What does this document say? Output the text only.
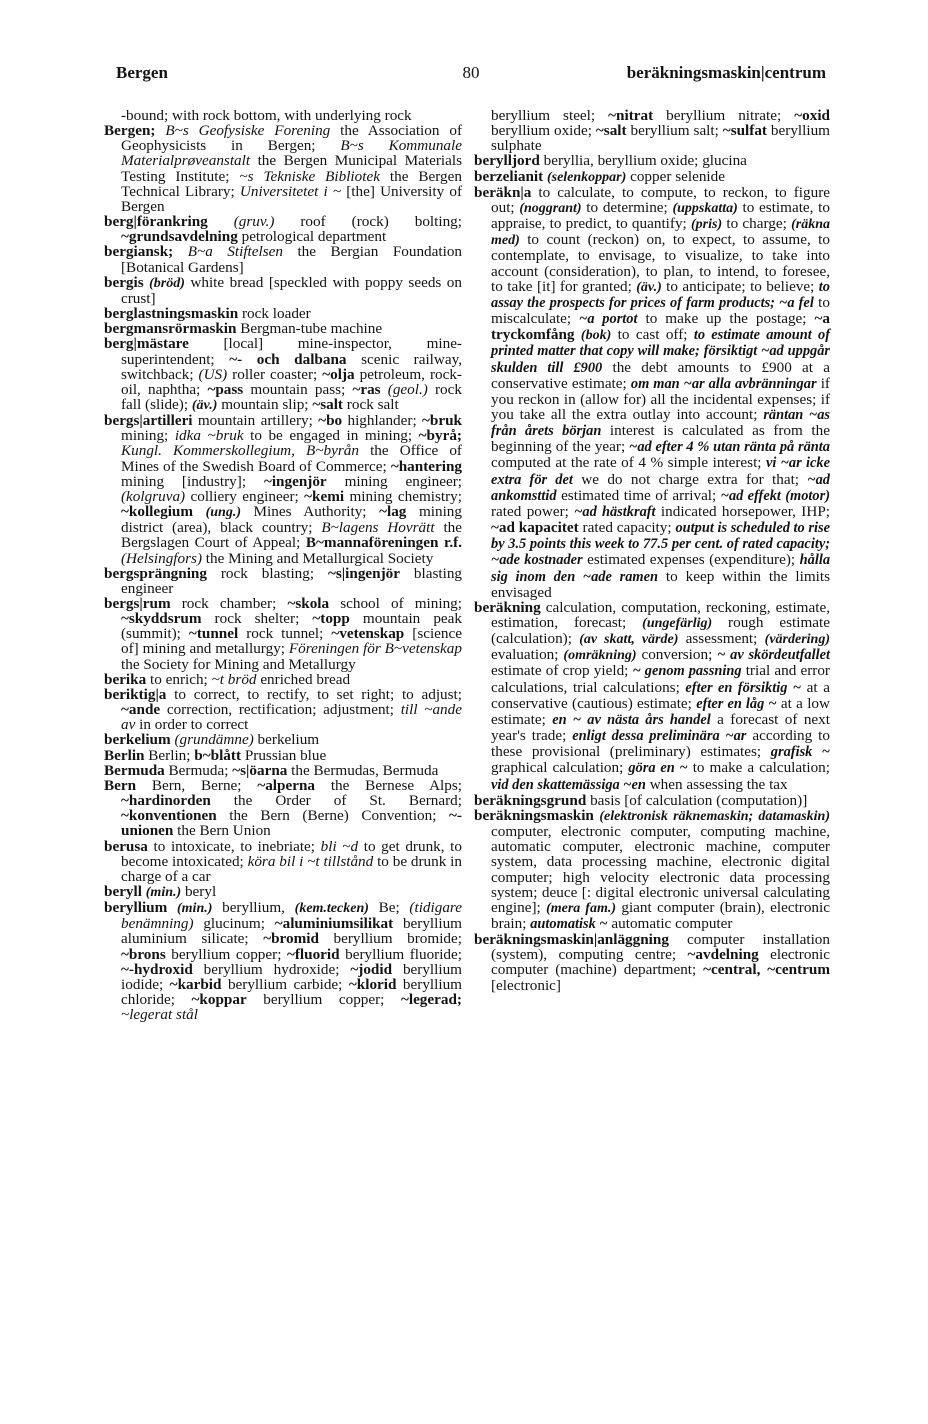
Bergen	80	beräkningsmaskin|centrum

-bound; with rock bottom, with underlying rock

Bergen; B~s Geofysiske Forening the Association of Geophysicists in Bergen; B~s Kommunale Materialprøveanstalt the Bergen Municipal Materials Testing Institute; ~s Tekniske Bibliotek the Bergen Technical Library; Universitetet i ~ [the] University of Bergen

berg|förankring (gruv.) roof (rock) bolting; ~grundsavdelning petrological department

bergiansk; B~a Stiftelsen the Bergian Foundation [Botanical Gardens]

bergis (bröd) white bread [speckled with poppy seeds on crust]

berglastningsmaskin rock loader

bergmansrörmaskin Bergman-tube machine

berg|mästare [local] mine-inspector, mine-superintendent; ~- och dalbana scenic railway, switchback; (US) roller coaster; ~olja petroleum, rock-oil, naphtha; ~pass mountain pass; ~ras (geol.) rock fall (slide); (äv.) mountain slip; ~salt rock salt

bergs|artilleri mountain artillery; ~bo highlander; ~bruk mining; idka ~bruk to be engaged in mining; ~byrå; Kungl. Kommerskollegium, B~byrån the Office of Mines of the Swedish Board of Commerce; ~hantering mining [industry]; ~ingenjör mining engineer; (kolgruva) colliery engineer; ~kemi mining chemistry; ~kollegium (ung.) Mines Authority; ~lag mining district (area), black country; B~lagens Hovrätt the Bergslagen Court of Appeal; B~mannaföreningen r.f. (Helsingfors) the Mining and Metallurgical Society

bergsprängning rock blasting; ~s|ingenjör blasting engineer

bergs|rum rock chamber; ~skola school of mining; ~skyddsrum rock shelter; ~topp mountain peak (summit); ~tunnel rock tunnel; ~vetenskap [science of] mining and metallurgy; Föreningen för B~vetenskap the Society for Mining and Metallurgy

berika to enrich; ~t bröd enriched bread

beriktig|a to correct, to rectify, to set right; to adjust; ~ande correction, rectification; adjustment; till ~ande av in order to correct

berkelium (grundämne) berkelium

Berlin Berlin; b~blått Prussian blue

Bermuda Bermuda; ~s|öarna the Bermudas, Bermuda

Bern Bern, Berne; ~alperna the Bernese Alps; ~hardinorden the Order of St. Bernard; ~konventionen the Bern (Berne) Convention; ~-unionen the Bern Union

berusa to intoxicate, to inebriate; bli ~d to get drunk, to become intoxicated; köra bil i ~t tillstånd to be drunk in charge of a car

beryll (min.) beryl

beryllium (min.) beryllium, (kem.tecken) Be; (tidigare benämning) glucinum; ~aluminiumsilikat beryllium aluminium silicate; ~bromid beryllium bromide; ~brons beryllium copper; ~fluorid beryllium fluoride; ~-hydroxid beryllium hydroxide; ~jodid beryllium iodide; ~karbid beryllium carbide; ~klorid beryllium chloride; ~koppar beryllium copper; ~legerad; ~legerat stål

beryllium steel; ~nitrat beryllium nitrate; ~oxid beryllium oxide; ~salt beryllium salt; ~sulfat beryllium sulphate

berylljord beryllia, beryllium oxide; glucina

berzelianit (selenkoppar) copper selenide

beräkn|a to calculate, to compute, to reckon, to figure out; (noggrant) to determine; (uppskatta) to estimate, to appraise, to predict, to quantify; (pris) to charge; (räkna med) to count (reckon) on, to expect, to assume, to contemplate, to envisage, to visualize, to take into account (consideration), to plan, to intend, to foresee, to take [it] for granted; (äv.) to anticipate; to believe; to assay the prospects for prices of farm products; ~a fel to miscalculate; ~a portot to make up the postage; ~a tryckomfång (bok) to cast off; to estimate amount of printed matter that copy will make; försiktigt ~ad uppgår skulden till £900 the debt amounts to £900 at a conservative estimate; om man ~ar alla avbränningar if you reckon in (allow for) all the incidental expenses; if you take all the extra outlay into account; räntan ~as från årets början interest is calculated as from the beginning of the year; ~ad efter 4 % utan ränta på ränta computed at the rate of 4 % simple interest; vi ~ar icke extra för det we do not charge extra for that; ~ad ankomsttid estimated time of arrival; ~ad effekt (motor) rated power; ~ad hästkraft indicated horsepower, IHP; ~ad kapacitet rated capacity; output is scheduled to rise by 3.5 points this week to 77.5 per cent. of rated capacity; ~ade kostnader estimated expenses (expenditure); hålla sig inom den ~ade ramen to keep within the limits envisaged

beräkning calculation, computation, reckoning, estimate, estimation, forecast; (ungefärlig) rough estimate (calculation); (av skatt, värde) assessment; (värdering) evaluation; (omräkning) conversion; ~ av skördeutfallet estimate of crop yield; ~ genom passning trial and error calculations, trial calculations; efter en försiktig ~ at a conservative (cautious) estimate; efter en låg ~ at a low estimate; en ~ av nästa års handel a forecast of next year's trade; enligt dessa preliminära ~ar according to these provisional (preliminary) estimates; grafisk ~ graphical calculation; göra en ~ to make a calculation; vid den skattemässiga ~en when assessing the tax

beräkningsgrund basis [of calculation (computation)]

beräkningsmaskin (elektronisk räknemaskin; datamaskin) computer, electronic computer, computing machine, automatic computer, electronic machine, computer system, data processing machine, electronic digital computer; high velocity electronic data processing system; deuce [: digital electronic universal calculating engine]; (mera fam.) giant computer (brain), electronic brain; automatisk ~ automatic computer

beräkningsmaskin|anläggning computer installation (system), computing centre; ~avdelning electronic computer (machine) department; ~central, ~centrum [electronic]
